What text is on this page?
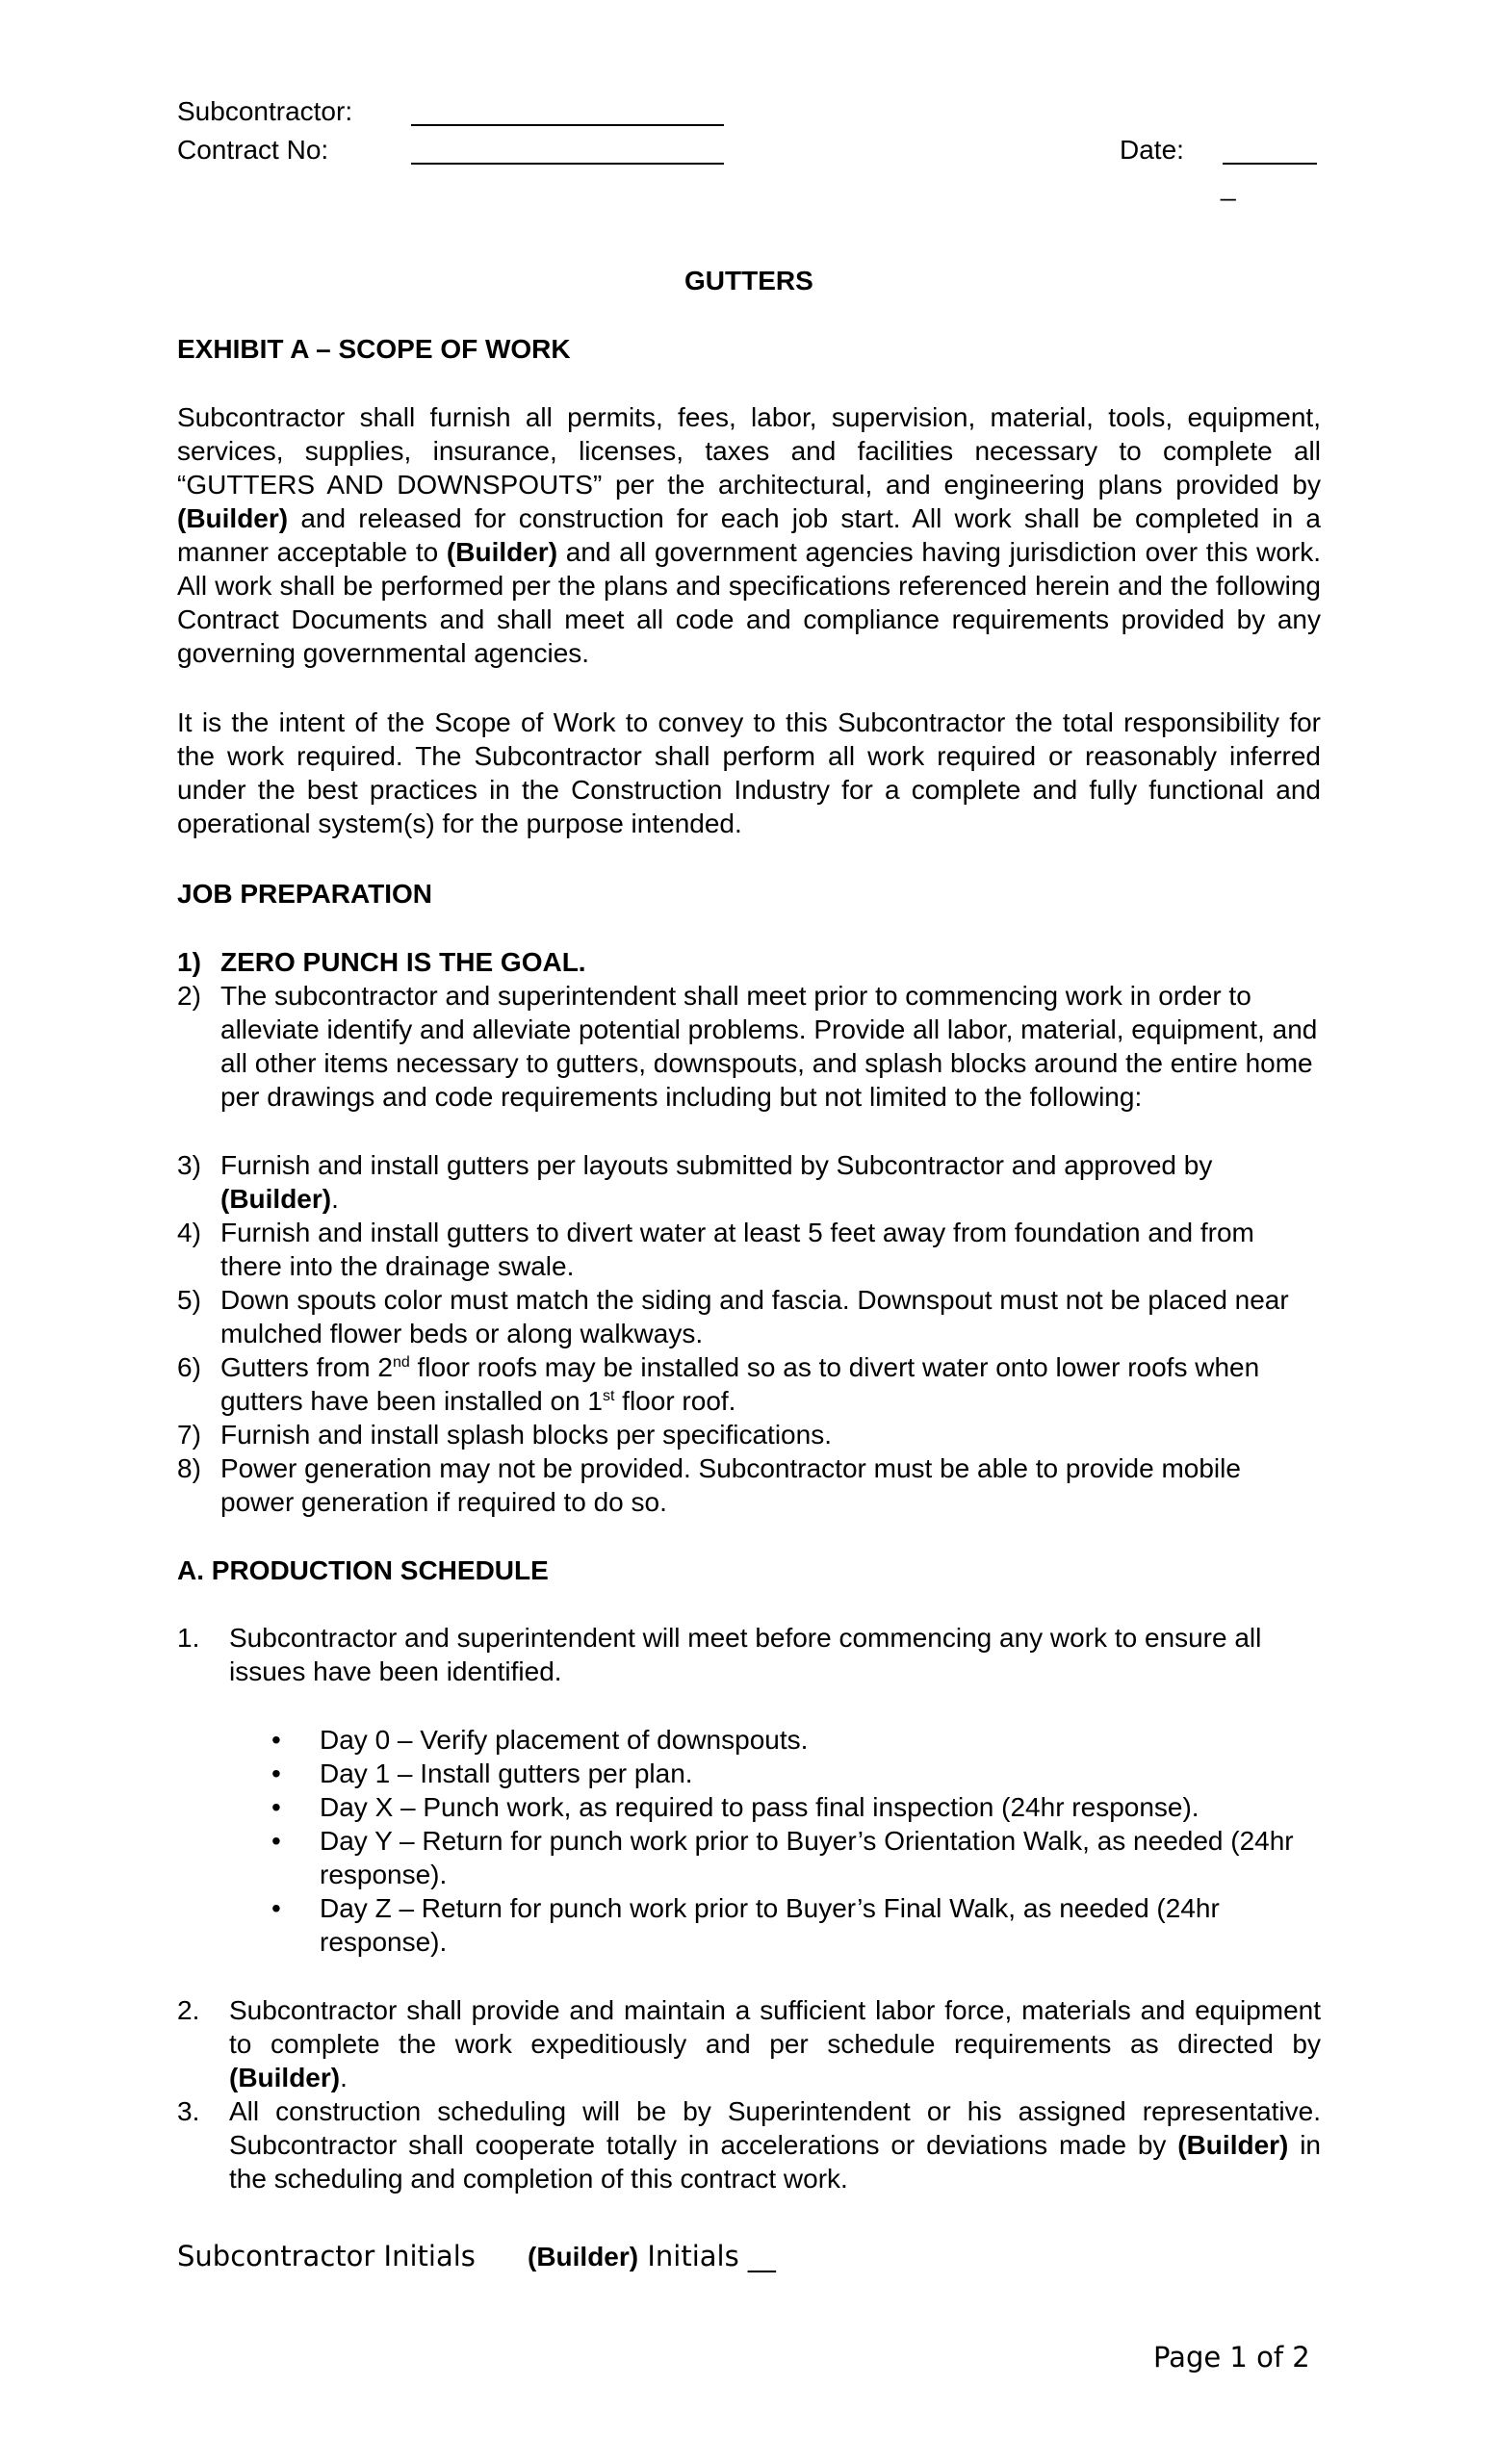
Subcontractor:
Contract No:	Date:
_
GUTTERS
EXHIBIT A – SCOPE OF WORK
Subcontractor shall furnish all permits, fees, labor, supervision, material, tools, equipment, services, supplies, insurance, licenses, taxes and facilities necessary to complete all “GUTTERS AND DOWNSPOUTS” per the architectural, and engineering plans provided by (Builder) and released for construction for each job start. All work shall be completed in a manner acceptable to (Builder) and all government agencies having jurisdiction over this work. All work shall be performed per the plans and specifications referenced herein and the following Contract Documents and shall meet all code and compliance requirements provided by any governing governmental agencies.
It is the intent of the Scope of Work to convey to this Subcontractor the total responsibility for the work required. The Subcontractor shall perform all work required or reasonably inferred under the best practices in the Construction Industry for a complete and fully functional and operational system(s) for the purpose intended.
JOB PREPARATION
1) ZERO PUNCH IS THE GOAL.
2) The subcontractor and superintendent shall meet prior to commencing work in order to alleviate identify and alleviate potential problems. Provide all labor, material, equipment, and all other items necessary to gutters, downspouts, and splash blocks around the entire home per drawings and code requirements including but not limited to the following:
3) Furnish and install gutters per layouts submitted by Subcontractor and approved by (Builder).
4) Furnish and install gutters to divert water at least 5 feet away from foundation and from there into the drainage swale.
5) Down spouts color must match the siding and fascia. Downspout must not be placed near mulched flower beds or along walkways.
6) Gutters from 2nd floor roofs may be installed so as to divert water onto lower roofs when gutters have been installed on 1st floor roof.
7) Furnish and install splash blocks per specifications.
8) Power generation may not be provided. Subcontractor must be able to provide mobile power generation if required to do so.
A. PRODUCTION SCHEDULE
1. Subcontractor and superintendent will meet before commencing any work to ensure all issues have been identified.
• Day 0 – Verify placement of downspouts.
• Day 1 – Install gutters per plan.
• Day X – Punch work, as required to pass final inspection (24hr response).
• Day Y – Return for punch work prior to Buyer’s Orientation Walk, as needed (24hr response).
• Day Z – Return for punch work prior to Buyer’s Final Walk, as needed (24hr response).
2. Subcontractor shall provide and maintain a sufficient labor force, materials and equipment to complete the work expeditiously and per schedule requirements as directed by (Builder).
3. All construction scheduling will be by Superintendent or his assigned representative. Subcontractor shall cooperate totally in accelerations or deviations made by (Builder) in the scheduling and completion of this contract work.
Subcontractor Initials (Builder) Initials __
Page 1 of 2
